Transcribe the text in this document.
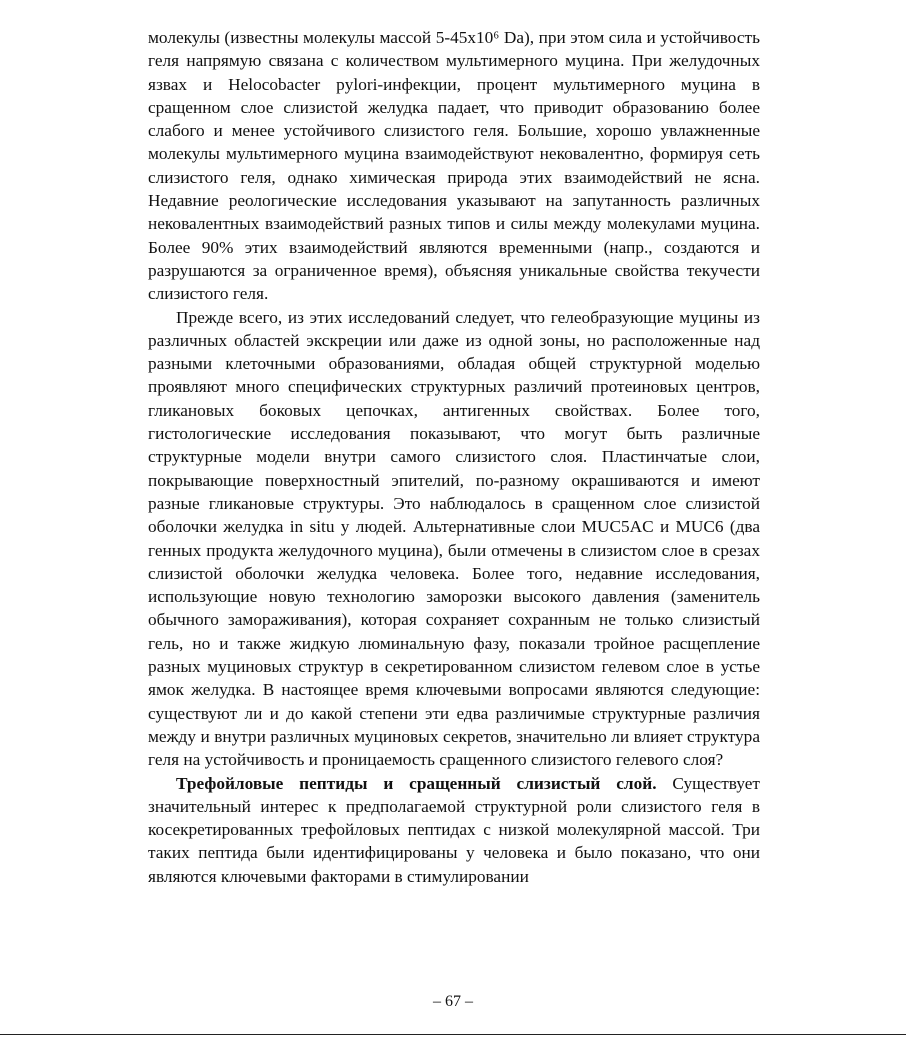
молекулы (известны молекулы массой 5-45х10⁶ Da), при этом сила и устойчивость геля напрямую связана с количеством мультимерного муцина. При желудочных язвах и Helocobacter pylori-инфекции, процент мультимерного муцина в сращенном слое слизистой желудка падает, что приводит образованию более слабого и менее устойчивого слизистого геля. Большие, хорошо увлажненные молекулы мультимерного муцина взаимодействуют нековалентно, формируя сеть слизистого геля, однако химическая природа этих взаимодействий не ясна. Недавние реологические исследования указывают на запутанность различных нековалентных взаимодействий разных типов и силы между молекулами муцина. Более 90% этих взаимодействий являются временными (напр., создаются и разрушаются за ограниченное время), объясняя уникальные свойства текучести слизистого геля.

Прежде всего, из этих исследований следует, что гелеобразующие муцины из различных областей экскреции или даже из одной зоны, но расположенные над разными клеточными образованиями, обладая общей структурной моделью проявляют много специфических структурных различий протеиновых центров, гликановых боковых цепочках, антигенных свойствах. Более того, гистологические исследования показывают, что могут быть различные структурные модели внутри самого слизистого слоя. Пластинчатые слои, покрывающие поверхностный эпителий, по-разному окрашиваются и имеют разные гликановые структуры. Это наблюдалось в сращенном слое слизистой оболочки желудка in situ у людей. Альтернативные слои MUC5AC и MUC6 (два генных продукта желудочного муцина), были отмечены в слизистом слое в срезах слизистой оболочки желудка человека. Более того, недавние исследования, использующие новую технологию заморозки высокого давления (заменитель обычного замораживания), которая сохраняет сохранным не только слизистый гель, но и также жидкую люминальную фазу, показали тройное расщепление разных муциновых структур в секретированном слизистом гелевом слое в устье ямок желудка. В настоящее время ключевыми вопросами являются следующие: существуют ли и до какой степени эти едва различимые структурные различия между и внутри различных муциновых секретов, значительно ли влияет структура геля на устойчивость и проницаемость сращенного слизистого гелевого слоя?

Трефойловые пептиды и сращенный слизистый слой. Существует значительный интерес к предполагаемой структурной роли слизистого геля в косекретированных трефойловых пептидах с низкой молекулярной массой. Три таких пептида были идентифицированы у человека и было показано, что они являются ключевыми факторами в стимулировании

– 67 –
